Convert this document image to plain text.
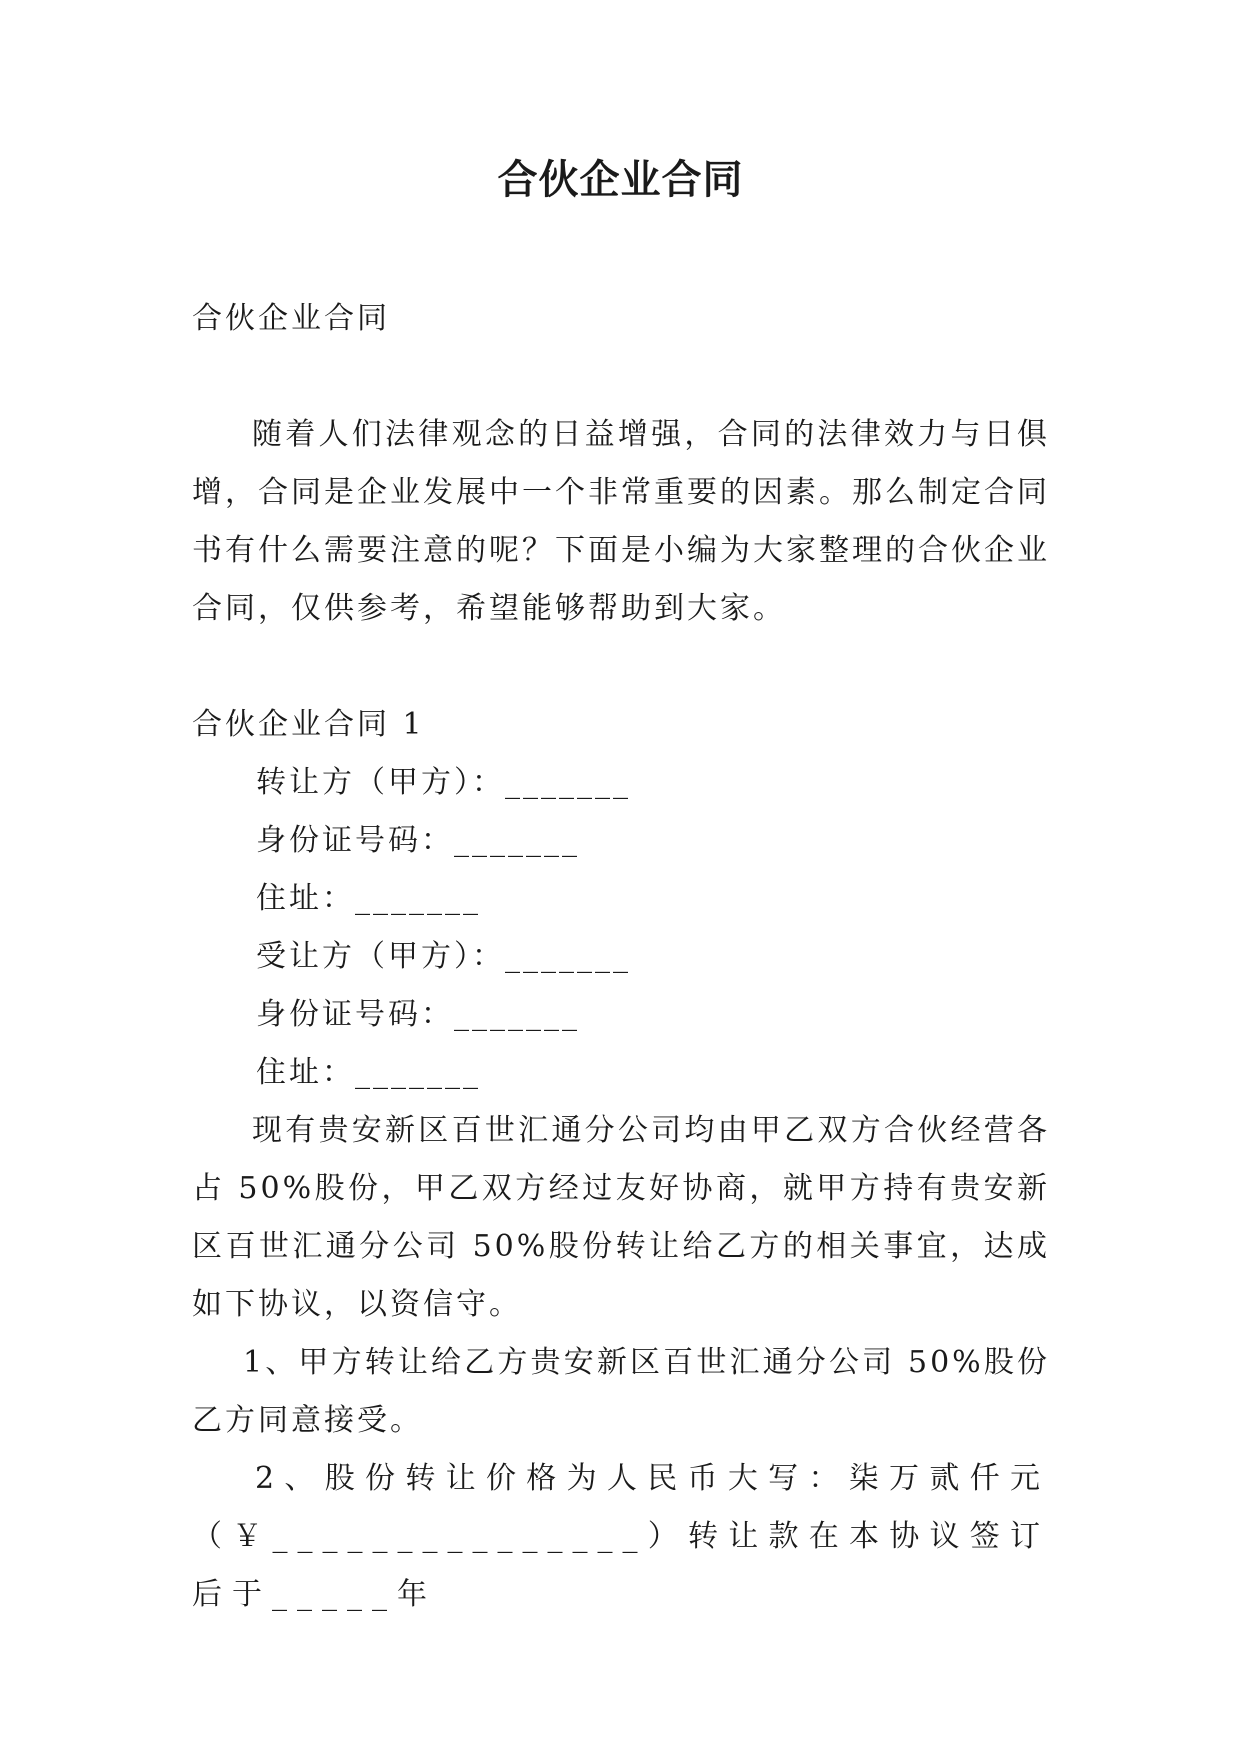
合伙企业合同

合伙企业合同

随着人们法律观念的日益增强，合同的法律效力与日俱增，合同是企业发展中一个非常重要的因素。那么制定合同书有什么需要注意的呢？下面是小编为大家整理的合伙企业合同，仅供参考，希望能够帮助到大家。

合伙企业合同 1

转让方（甲方）：_______

身份证号码：_______

住址：_______

受让方（甲方）：_______

身份证号码：_______

住址：_______

现有贵安新区百世汇通分公司均由甲乙双方合伙经营各占 50%股份，甲乙双方经过友好协商，就甲方持有贵安新区百世汇通分公司 50%股份转让给乙方的相关事宜，达成如下协议，以资信守。

1、甲方转让给乙方贵安新区百世汇通分公司 50%股份乙方同意接受。

2、股份转让价格为人民币大写：柒万贰仟元（￥_______________）转让款在本协议签订后于_____年
